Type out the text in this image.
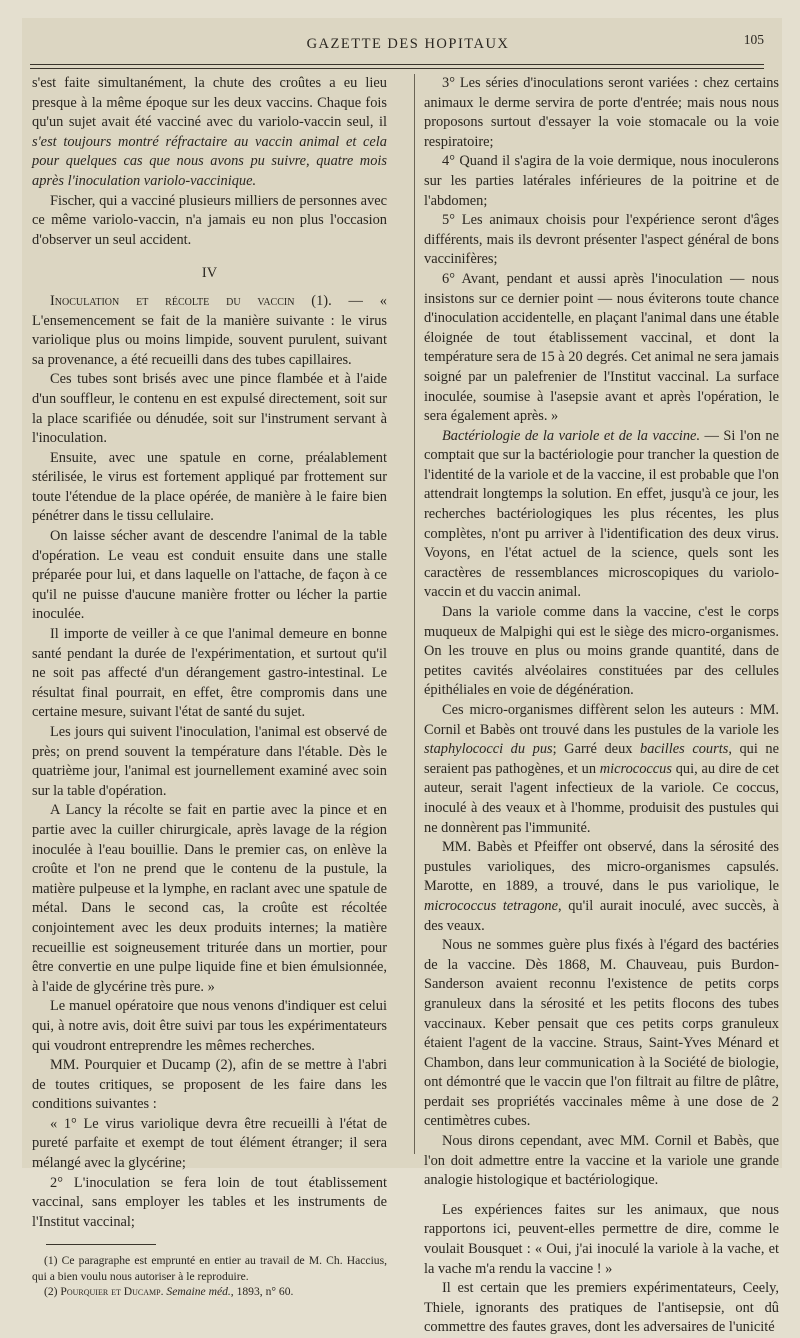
GAZETTE DES HOPITAUX	105

s'est faite simultanément, la chute des croûtes a eu lieu presque à la même époque sur les deux vaccins. Chaque fois qu'un sujet avait été vacciné avec du variolo-vaccin seul, il s'est toujours montré réfractaire au vaccin animal et cela pour quelques cas que nous avons pu suivre, quatre mois après l'inoculation variolo-vaccinique.

Fischer, qui a vacciné plusieurs milliers de personnes avec ce même variolo-vaccin, n'a jamais eu non plus l'occasion d'observer un seul accident.

IV

Inoculation et récolte du vaccin (1). — « L'ensemencement se fait de la manière suivante : le virus variolique plus ou moins limpide, souvent purulent, suivant sa provenance, a été recueilli dans des tubes capillaires.

Ces tubes sont brisés avec une pince flambée et à l'aide d'un souffleur, le contenu en est expulsé directement, soit sur la place scarifiée ou dénudée, soit sur l'instrument servant à l'inoculation.

Ensuite, avec une spatule en corne, préalablement stérilisée, le virus est fortement appliqué par frottement sur toute l'étendue de la place opérée, de manière à le faire bien pénétrer dans le tissu cellulaire.

On laisse sécher avant de descendre l'animal de la table d'opération. Le veau est conduit ensuite dans une stalle préparée pour lui, et dans laquelle on l'attache, de façon à ce qu'il ne puisse d'aucune manière frotter ou lécher la partie inoculée.

Il importe de veiller à ce que l'animal demeure en bonne santé pendant la durée de l'expérimentation, et surtout qu'il ne soit pas affecté d'un dérangement gastro-intestinal. Le résultat final pourrait, en effet, être compromis dans une certaine mesure, suivant l'état de santé du sujet.

Les jours qui suivent l'inoculation, l'animal est observé de près; on prend souvent la température dans l'étable. Dès le quatrième jour, l'animal est journellement examiné avec soin sur la table d'opération.

A Lancy la récolte se fait en partie avec la pince et en partie avec la cuiller chirurgicale, après lavage de la région inoculée à l'eau bouillie. Dans le premier cas, on enlève la croûte et l'on ne prend que le contenu de la pustule, la matière pulpeuse et la lymphe, en raclant avec une spatule de métal. Dans le second cas, la croûte est récoltée conjointement avec les deux produits internes; la matière recueillie est soigneusement triturée dans un mortier, pour être convertie en une pulpe liquide fine et bien émulsionnée, à l'aide de glycérine très pure. »

Le manuel opératoire que nous venons d'indiquer est celui qui, à notre avis, doit être suivi par tous les expérimentateurs qui voudront entreprendre les mêmes recherches.

MM. Pourquier et Ducamp (2), afin de se mettre à l'abri de toutes critiques, se proposent de les faire dans les conditions suivantes :

« 1° Le virus variolique devra être recueilli à l'état de pureté parfaite et exempt de tout élément étranger; il sera mélangé avec la glycérine;

2° L'inoculation se fera loin de tout établissement vaccinal, sans employer les tables et les instruments de l'Institut vaccinal;

(1) Ce paragraphe est emprunté en entier au travail de M. Ch. Haccius, qui a bien voulu nous autoriser à le reproduire.

(2) Pourquier et Ducamp. Semaine méd., 1893, n° 60.

3° Les séries d'inoculations seront variées : chez certains animaux le derme servira de porte d'entrée; mais nous nous proposons surtout d'essayer la voie stomacale ou la voie respiratoire;

4° Quand il s'agira de la voie dermique, nous inoculerons sur les parties latérales inférieures de la poitrine et de l'abdomen;

5° Les animaux choisis pour l'expérience seront d'âges différents, mais ils devront présenter l'aspect général de bons vaccinifères;

6° Avant, pendant et aussi après l'inoculation — nous insistons sur ce dernier point — nous éviterons toute chance d'inoculation accidentelle, en plaçant l'animal dans une étable éloignée de tout établissement vaccinal, et dont la température sera de 15 à 20 degrés. Cet animal ne sera jamais soigné par un palefrenier de l'Institut vaccinal. La surface inoculée, soumise à l'asepsie avant et après l'opération, le sera également après. »

Bactériologie de la variole et de la vaccine. — Si l'on ne comptait que sur la bactériologie pour trancher la question de l'identité de la variole et de la vaccine, il est probable que l'on attendrait longtemps la solution. En effet, jusqu'à ce jour, les recherches bactériologiques les plus récentes, les plus complètes, n'ont pu arriver à l'identification des deux virus. Voyons, en l'état actuel de la science, quels sont les caractères de ressemblances microscopiques du variolo-vaccin et du vaccin animal.

Dans la variole comme dans la vaccine, c'est le corps muqueux de Malpighi qui est le siège des micro-organismes. On les trouve en plus ou moins grande quantité, dans de petites cavités alvéolaires constituées par des cellules épithéliales en voie de dégénération.

Ces micro-organismes diffèrent selon les auteurs : MM. Cornil et Babès ont trouvé dans les pustules de la variole les staphylococci du pus; Garré deux bacilles courts, qui ne seraient pas pathogènes, et un micrococcus qui, au dire de cet auteur, serait l'agent infectieux de la variole. Ce coccus, inoculé à des veaux et à l'homme, produisit des pustules qui ne donnèrent pas l'immunité.

MM. Babès et Pfeiffer ont observé, dans la sérosité des pustules varioliques, des micro-organismes capsulés. Marotte, en 1889, a trouvé, dans le pus variolique, le micrococcus tetragone, qu'il aurait inoculé, avec succès, à des veaux.

Nous ne sommes guère plus fixés à l'égard des bactéries de la vaccine. Dès 1868, M. Chauveau, puis Burdon-Sanderson avaient reconnu l'existence de petits corps granuleux dans la sérosité et les petits flocons des tubes vaccinaux. Keber pensait que ces petits corps granuleux étaient l'agent de la vaccine. Straus, Saint-Yves Ménard et Chambon, dans leur communication à la Société de biologie, ont démontré que le vaccin que l'on filtrait au filtre de plâtre, perdait ses propriétés vaccinales même à une dose de 2 centimètres cubes.

Nous dirons cependant, avec MM. Cornil et Babès, que l'on doit admettre entre la vaccine et la variole une grande analogie histologique et bactériologique.

Les expériences faites sur les animaux, que nous rapportons ici, peuvent-elles permettre de dire, comme le voulait Bousquet : « Oui, j'ai inoculé la variole à la vache, et la vache m'a rendu la vaccine ! »

Il est certain que les premiers expérimentateurs, Ceely, Thiele, ignorants des pratiques de l'antisepsie, ont dû commettre des fautes graves, dont les adversaires de l'unicité
